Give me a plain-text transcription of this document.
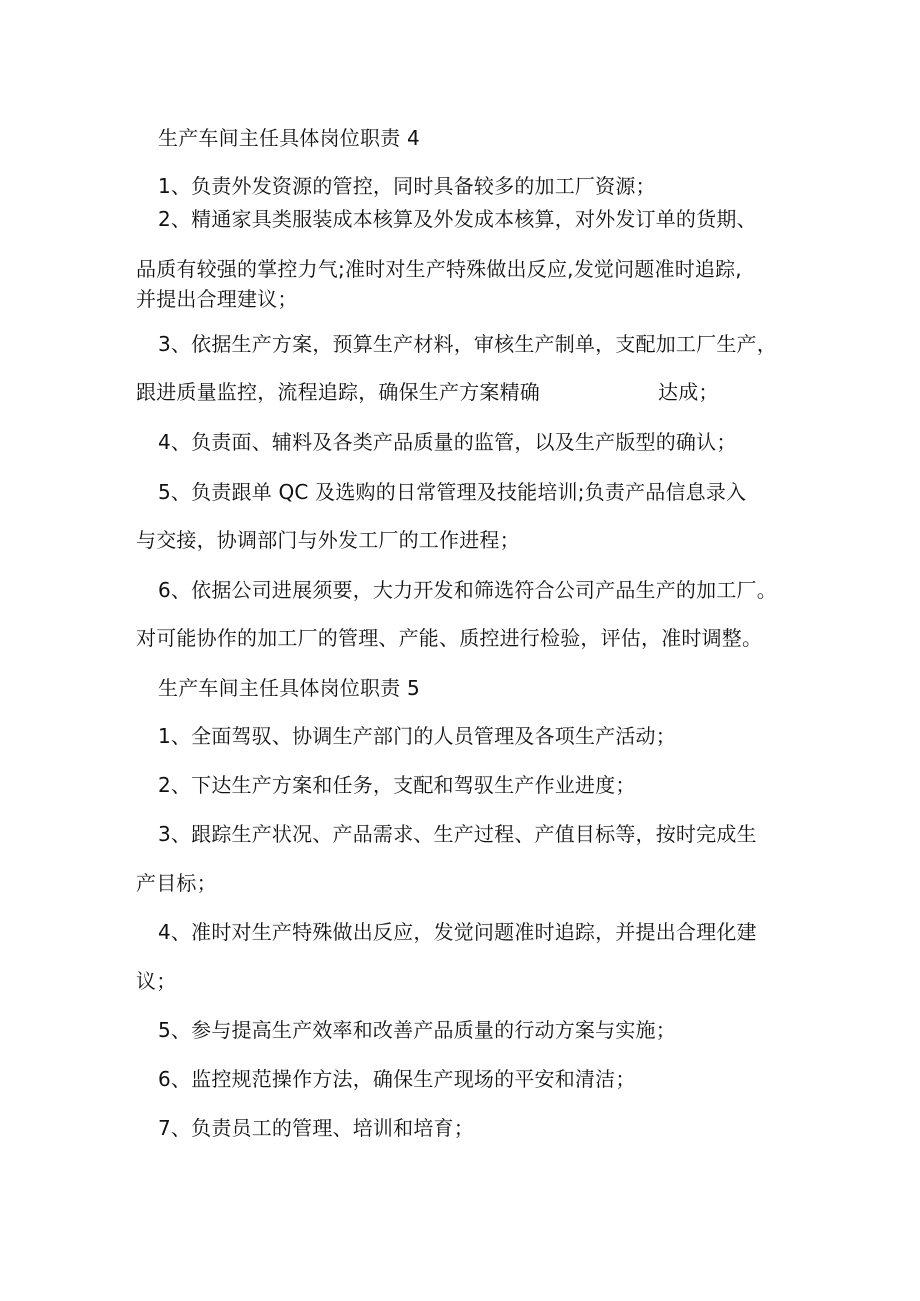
生产车间主任具体岗位职责 4
1、负责外发资源的管控，同时具备较多的加工厂资源；
2、精通家具类服装成本核算及外发成本核算，对外发订单的货期、
品质有较强的掌控力气;准时对生产特殊做出反应,发觉问题准时追踪,
并提出合理建议；
3、依据生产方案，预算生产材料，审核生产制单，支配加工厂生产，
跟进质量监控，流程追踪，确保生产方案精确	达成；
4、负责面、辅料及各类产品质量的监管，以及生产版型的确认；
5、负责跟单 QC 及选购的日常管理及技能培训;负责产品信息录入
与交接，协调部门与外发工厂的工作进程；
6、依据公司进展须要，大力开发和筛选符合公司产品生产的加工厂。
对可能协作的加工厂的管理、产能、质控进行检验，评估，准时调整。
生产车间主任具体岗位职责 5
1、全面驾驭、协调生产部门的人员管理及各项生产活动；
2、下达生产方案和任务，支配和驾驭生产作业进度；
3、跟踪生产状况、产品需求、生产过程、产值目标等，按时完成生
产目标；
4、准时对生产特殊做出反应，发觉问题准时追踪，并提出合理化建
议；
5、参与提高生产效率和改善产品质量的行动方案与实施；
6、监控规范操作方法，确保生产现场的平安和清洁；
7、负责员工的管理、培训和培育；
